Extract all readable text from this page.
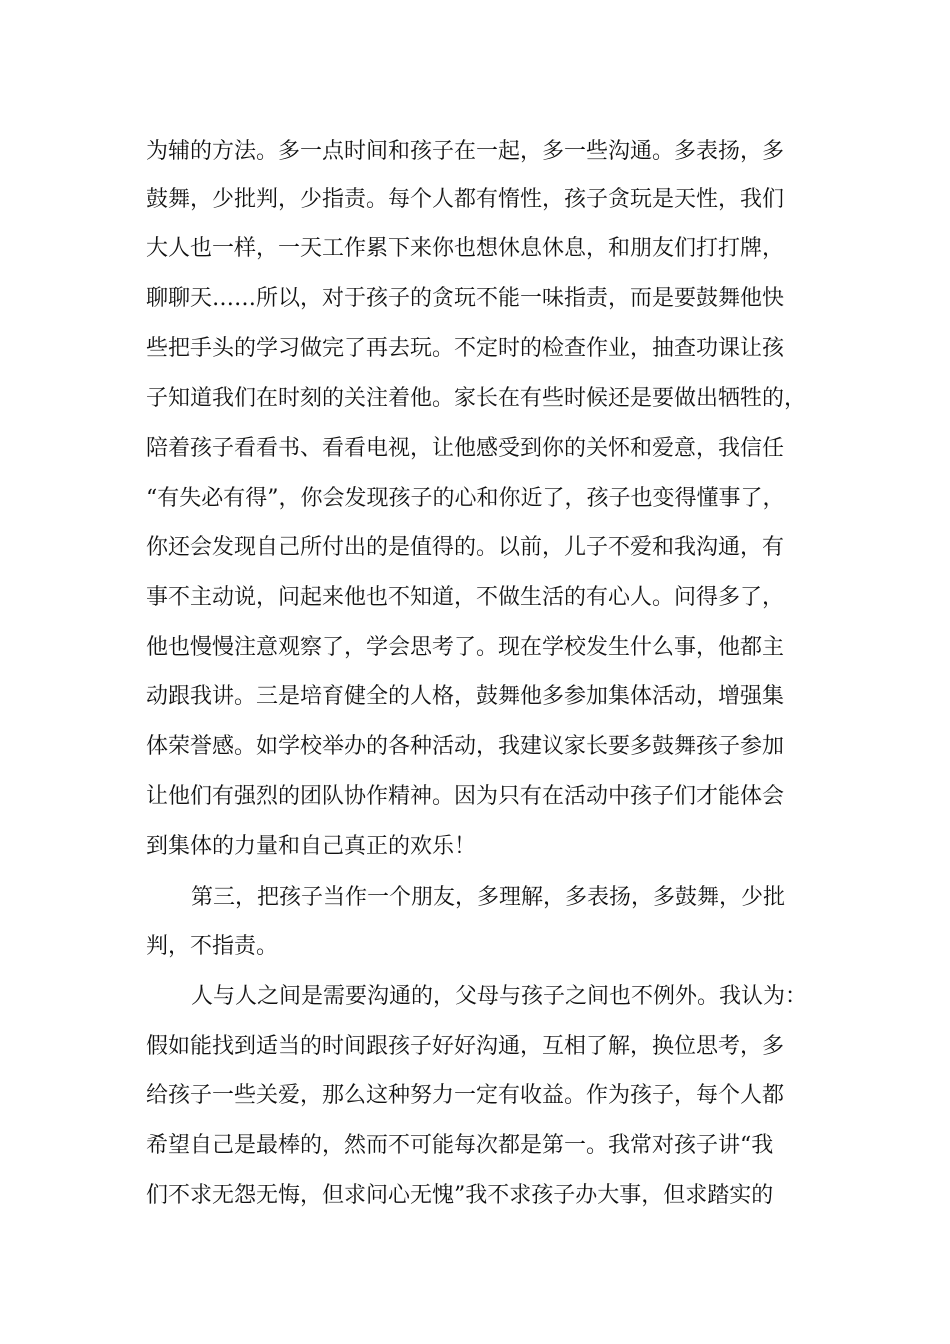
为辅的方法。多一点时间和孩子在一起，多一些沟通。多表扬，多
鼓舞，少批判，少指责。每个人都有惰性，孩子贪玩是天性，我们
大人也一样，一天工作累下来你也想休息休息，和朋友们打打牌，
聊聊天……所以，对于孩子的贪玩不能一味指责，而是要鼓舞他快
些把手头的学习做完了再去玩。不定时的检查作业，抽查功课让孩
子知道我们在时刻的关注着他。家长在有些时候还是要做出牺牲的，
陪着孩子看看书、看看电视，让他感受到你的关怀和爱意，我信任
“有失必有得”，你会发现孩子的心和你近了，孩子也变得懂事了，
你还会发现自己所付出的是值得的。以前，儿子不爱和我沟通，有
事不主动说，问起来他也不知道，不做生活的有心人。问得多了，
他也慢慢注意观察了，学会思考了。现在学校发生什么事，他都主
动跟我讲。三是培育健全的人格，鼓舞他多参加集体活动，增强集
体荣誉感。如学校举办的各种活动，我建议家长要多鼓舞孩子参加
让他们有强烈的团队协作精神。因为只有在活动中孩子们才能体会
到集体的力量和自己真正的欢乐！
第三，把孩子当作一个朋友，多理解，多表扬，多鼓舞，少批
判，不指责。
人与人之间是需要沟通的，父母与孩子之间也不例外。我认为：
假如能找到适当的时间跟孩子好好沟通，互相了解，换位思考，多
给孩子一些关爱，那么这种努力一定有收益。作为孩子，每个人都
希望自己是最棒的，然而不可能每次都是第一。我常对孩子讲“我
们不求无怨无悔，但求问心无愧”我不求孩子办大事，但求踏实的
